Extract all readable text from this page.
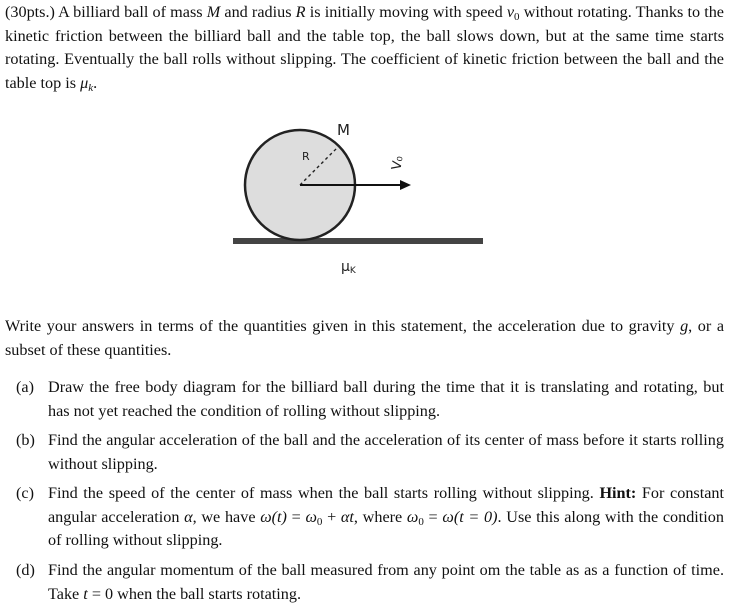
(30pts.) A billiard ball of mass M and radius R is initially moving with speed $v_0$ without rotating. Thanks to the kinetic friction between the billiard ball and the table top, the ball slows down, but at the same time starts rotating. Eventually the ball rolls without slipping. The coefficient of kinetic friction between the ball and the table top is $\mu_k$.
M
R	V₀
μK
Write your answers in terms of the quantities given in this statement, the acceleration due to gravity g, or a subset of these quantities.
(a) Draw the free body diagram for the billiard ball during the time that it is translating and rotating, but has not yet reached the condition of rolling without slipping.
(b) Find the angular acceleration of the ball and the acceleration of its center of mass before it starts rolling without slipping.
(c) Find the speed of the center of mass when the ball starts rolling without slipping. Hint: For constant angular acceleration α, we have $\omega(t) = \omega_0 + \alpha t$, where $\omega_0 = \omega(t = 0)$. Use this along with the condition of rolling without slipping.
(d) Find the angular momentum of the ball measured from any point om the table as as a function of time. Take t = 0 when the ball starts rotating.
